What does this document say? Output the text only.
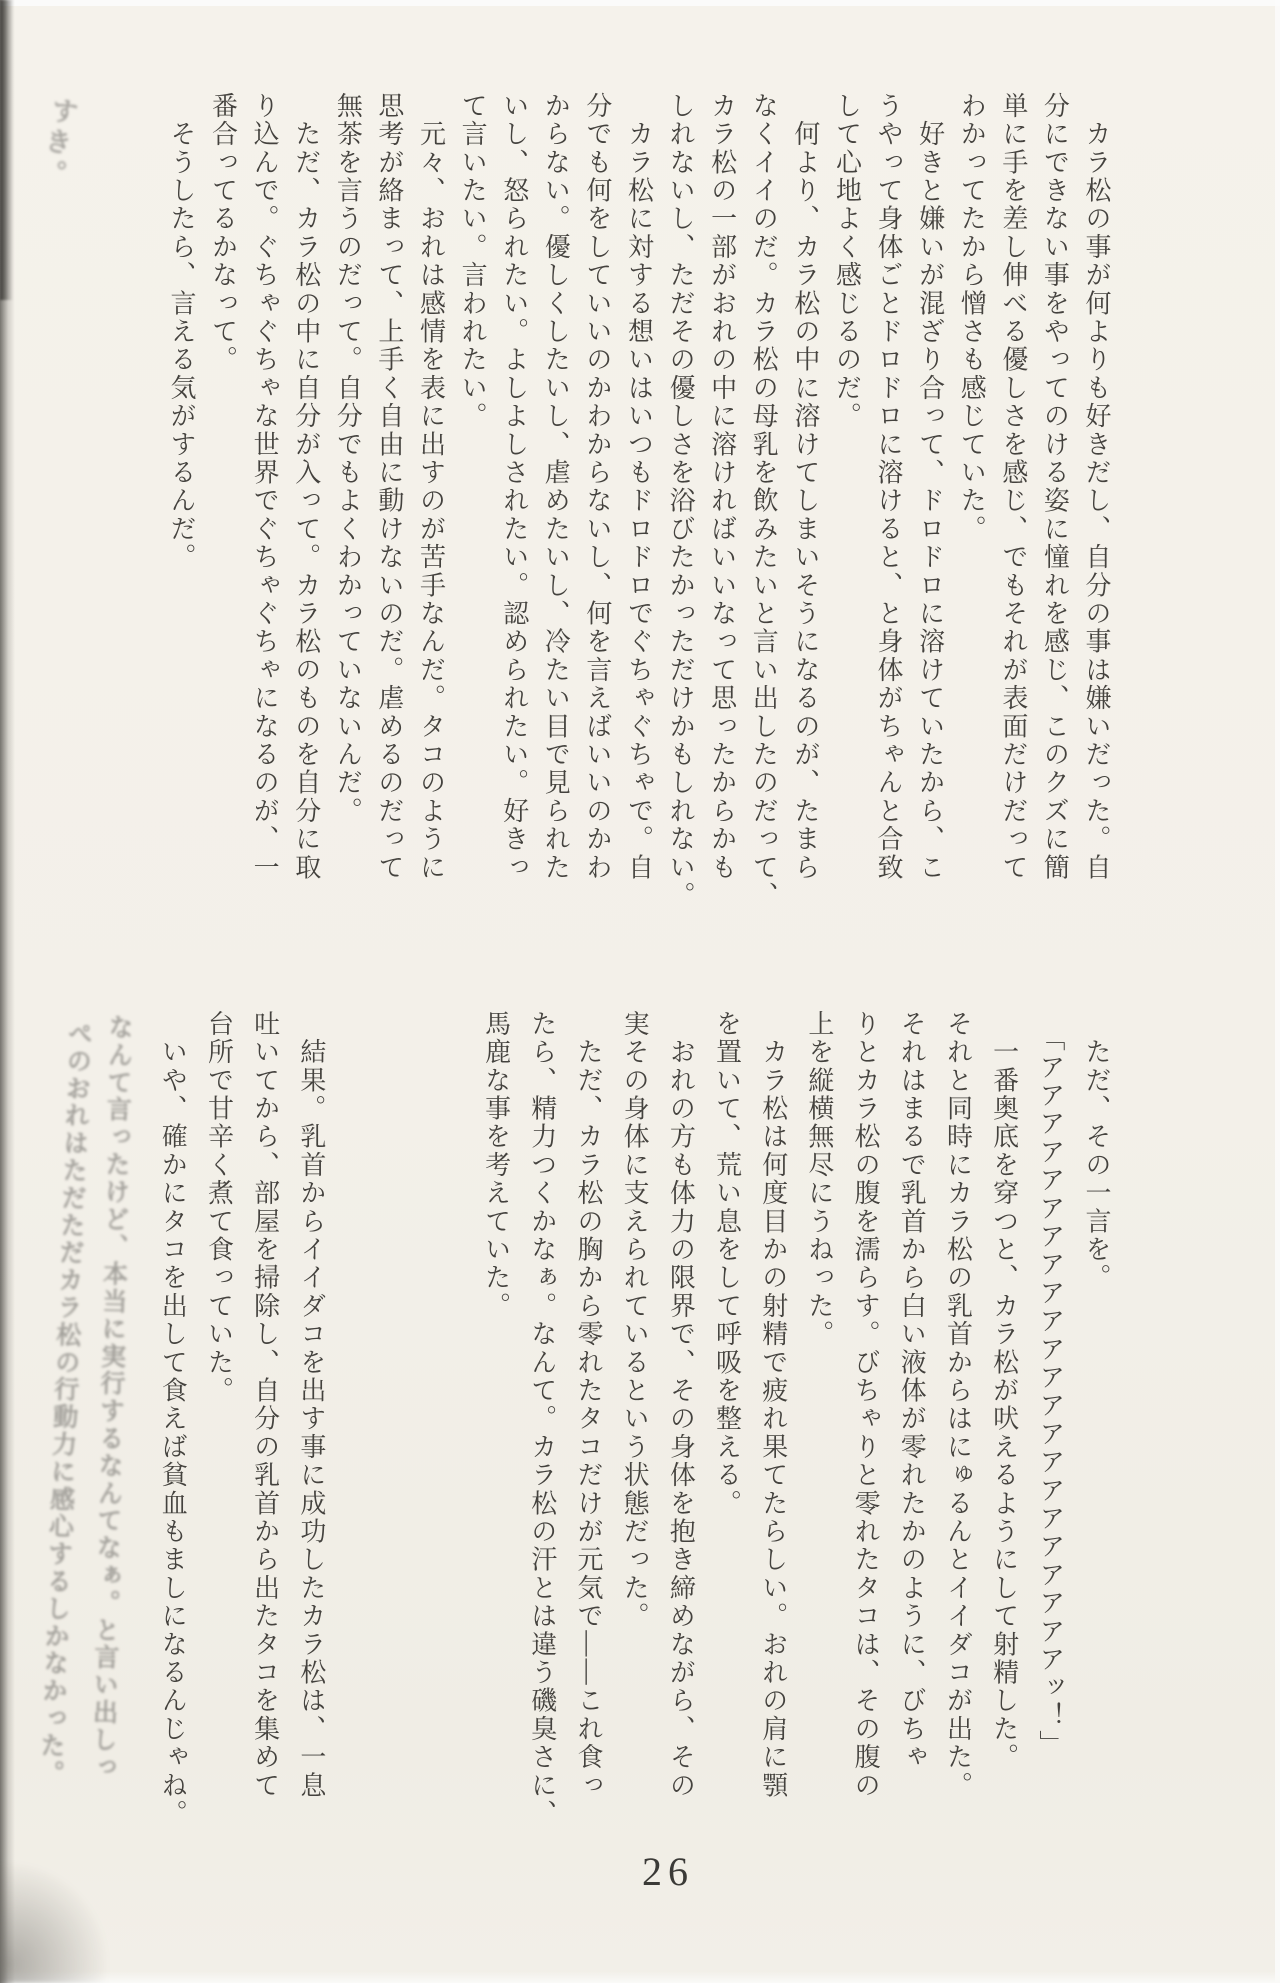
すき。	　カラ松の事が何よりも好きだし、自分の事は嫌いだった。自
分にできない事をやってのける姿に憧れを感じ、このクズに簡
単に手を差し伸べる優しさを感じ、でもそれが表面だけだって
わかってたから憎さも感じていた。
　好きと嫌いが混ざり合って、ドロドロに溶けていたから、こ
うやって身体ごとドロドロに溶けると、と身体がちゃんと合致
して心地よく感じるのだ。
　何より、カラ松の中に溶けてしまいそうになるのが、たまら
なくイイのだ。カラ松の母乳を飲みたいと言い出したのだって、
カラ松の一部がおれの中に溶ければいいなって思ったからかも
しれないし、ただその優しさを浴びたかっただけかもしれない。
　カラ松に対する想いはいつもドロドロでぐちゃぐちゃで。自
分でも何をしていいのかわからないし、何を言えばいいのかわ
からない。優しくしたいし、虐めたいし、冷たい目で見られた
いし、怒られたい。よしよしされたい。認められたい。好きっ
て言いたい。言われたい。
　元々、おれは感情を表に出すのが苦手なんだ。タコのように
思考が絡まって、上手く自由に動けないのだ。虐めるのだって
無茶を言うのだって。自分でもよくわかっていないんだ。
　ただ、カラ松の中に自分が入って。カラ松のものを自分に取
り込んで。ぐちゃぐちゃな世界でぐちゃぐちゃになるのが、一
番合ってるかなって。
　そうしたら、言える気がするんだ。
　ただ、その一言を。
　「アアアアアアアアアアアアアアアアアアアアアアッ！」
　一番奥底を穿つと、カラ松が吠えるようにして射精した。
それと同時にカラ松の乳首からはにゅるんとイイダコが出た。
それはまるで乳首から白い液体が零れたかのように、びちゃ
りとカラ松の腹を濡らす。びちゃりと零れたタコは、その腹の
上を縦横無尽にうねった。
　カラ松は何度目かの射精で疲れ果てたらしい。おれの肩に顎
を置いて、荒い息をして呼吸を整える。
　おれの方も体力の限界で、その身体を抱き締めながら、その
実その身体に支えられているという状態だった。
　ただ、カラ松の胸から零れたタコだけが元気で――これ食っ
たら、精力つくかなぁ。なんて。カラ松の汗とは違う磯臭さに、
馬鹿な事を考えていた。
　結果。乳首からイイダコを出す事に成功したカラ松は、一息
吐いてから、部屋を掃除し、自分の乳首から出たタコを集めて
台所で甘辛く煮て食っていた。
　いや、確かにタコを出して食えば貧血もましになるんじゃね。
なんて言ったけど、本当に実行するなんてなぁ。と言い出しっ
ぺのおれはただただカラ松の行動力に感心するしかなかった。
26
